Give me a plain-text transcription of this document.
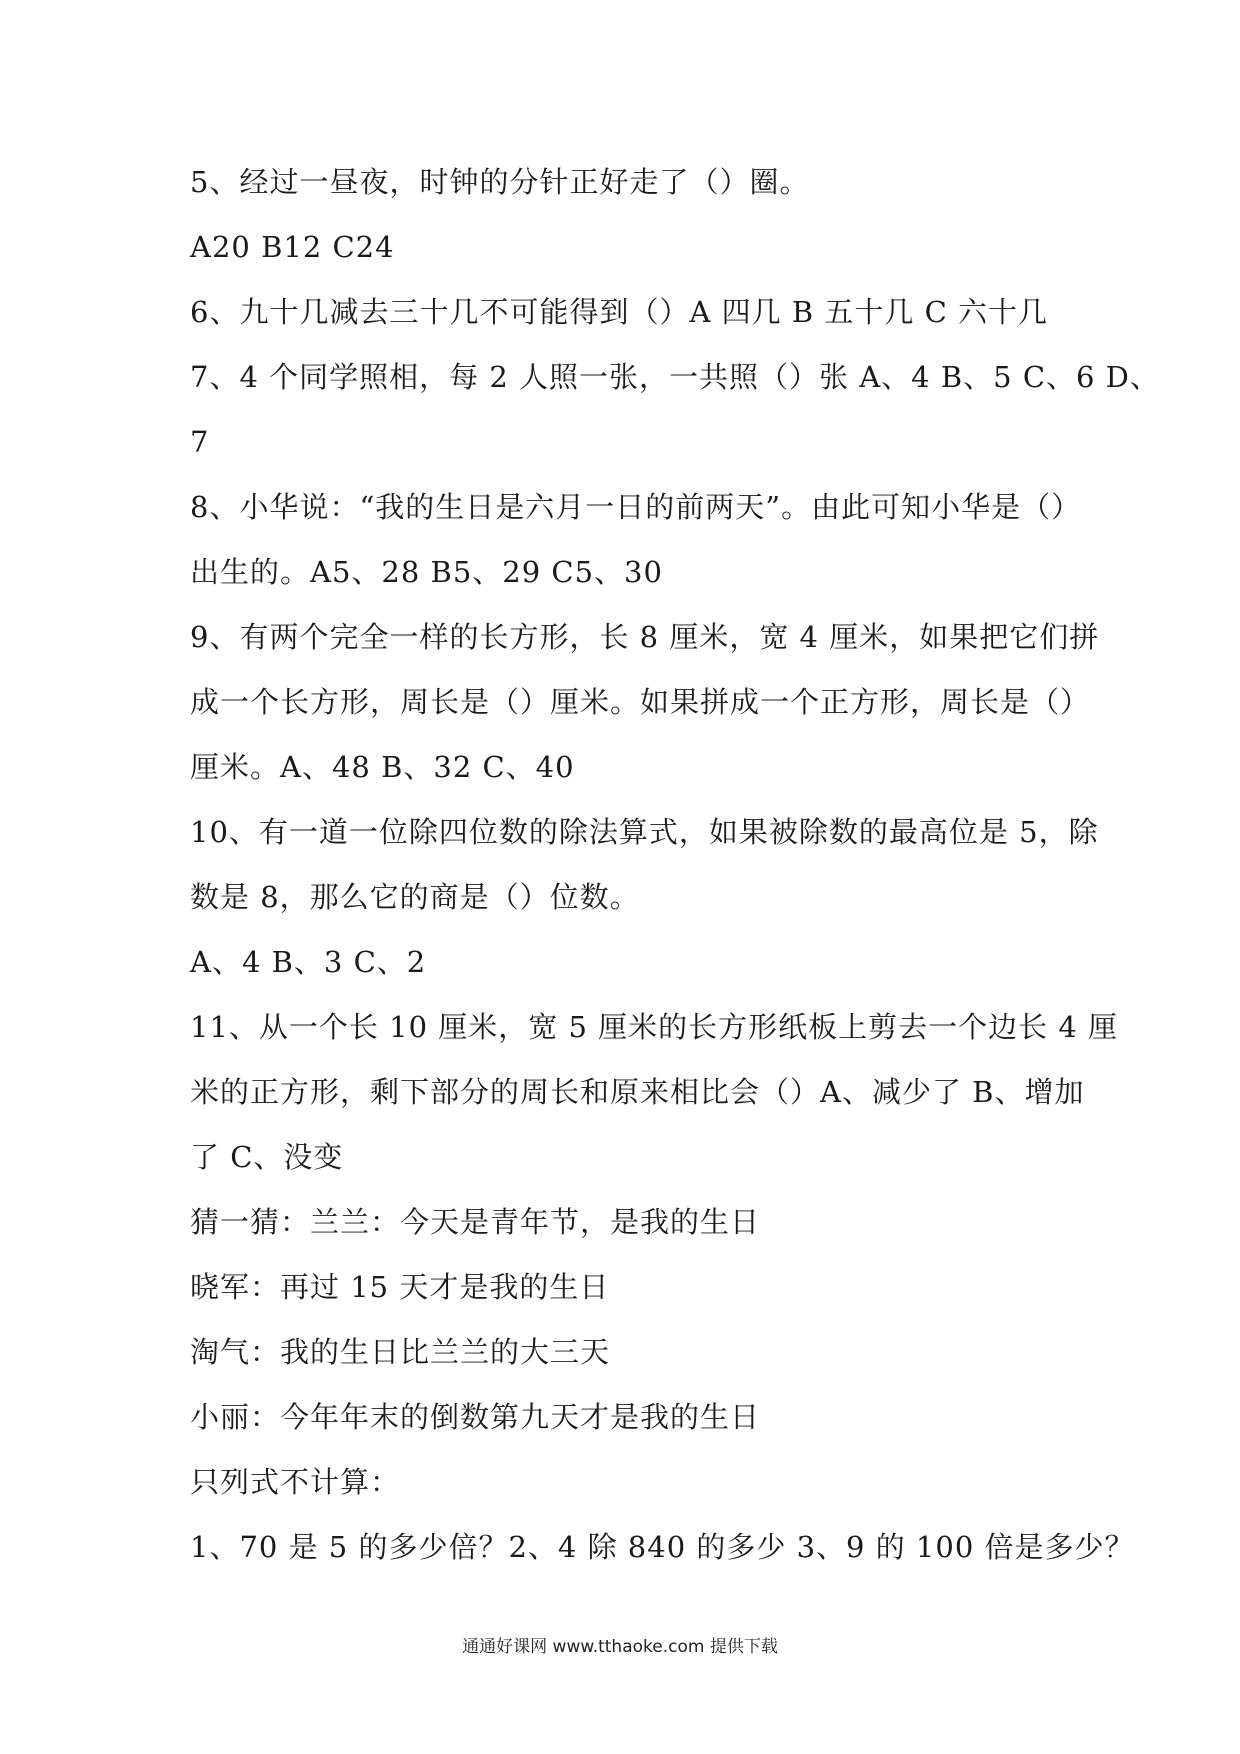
5、经过一昼夜，时钟的分针正好走了（）圈。
A20 B12 C24
6、九十几减去三十几不可能得到（）A 四几 B 五十几 C 六十几
7、4 个同学照相，每 2 人照一张，一共照（）张 A、4 B、5 C、6 D、
7
8、小华说：“我的生日是六月一日的前两天”。由此可知小华是（）
出生的。A5、28 B5、29 C5、30
9、有两个完全一样的长方形，长 8 厘米，宽 4 厘米，如果把它们拼
成一个长方形，周长是（）厘米。如果拼成一个正方形，周长是（）
厘米。A、48 B、32 C、40
10、有一道一位除四位数的除法算式，如果被除数的最高位是 5，除
数是 8，那么它的商是（）位数。
A、4 B、3 C、2
11、从一个长 10 厘米，宽 5 厘米的长方形纸板上剪去一个边长 4 厘
米的正方形，剩下部分的周长和原来相比会（）A、减少了 B、增加
了 C、没变
猜一猜：兰兰：今天是青年节，是我的生日
晓军：再过 15 天才是我的生日
淘气：我的生日比兰兰的大三天
小丽：今年年末的倒数第九天才是我的生日
只列式不计算：
1、70 是 5 的多少倍？2、4 除 840 的多少 3、9 的 100 倍是多少？
通通好课网 www.tthaoke.com 提供下载
